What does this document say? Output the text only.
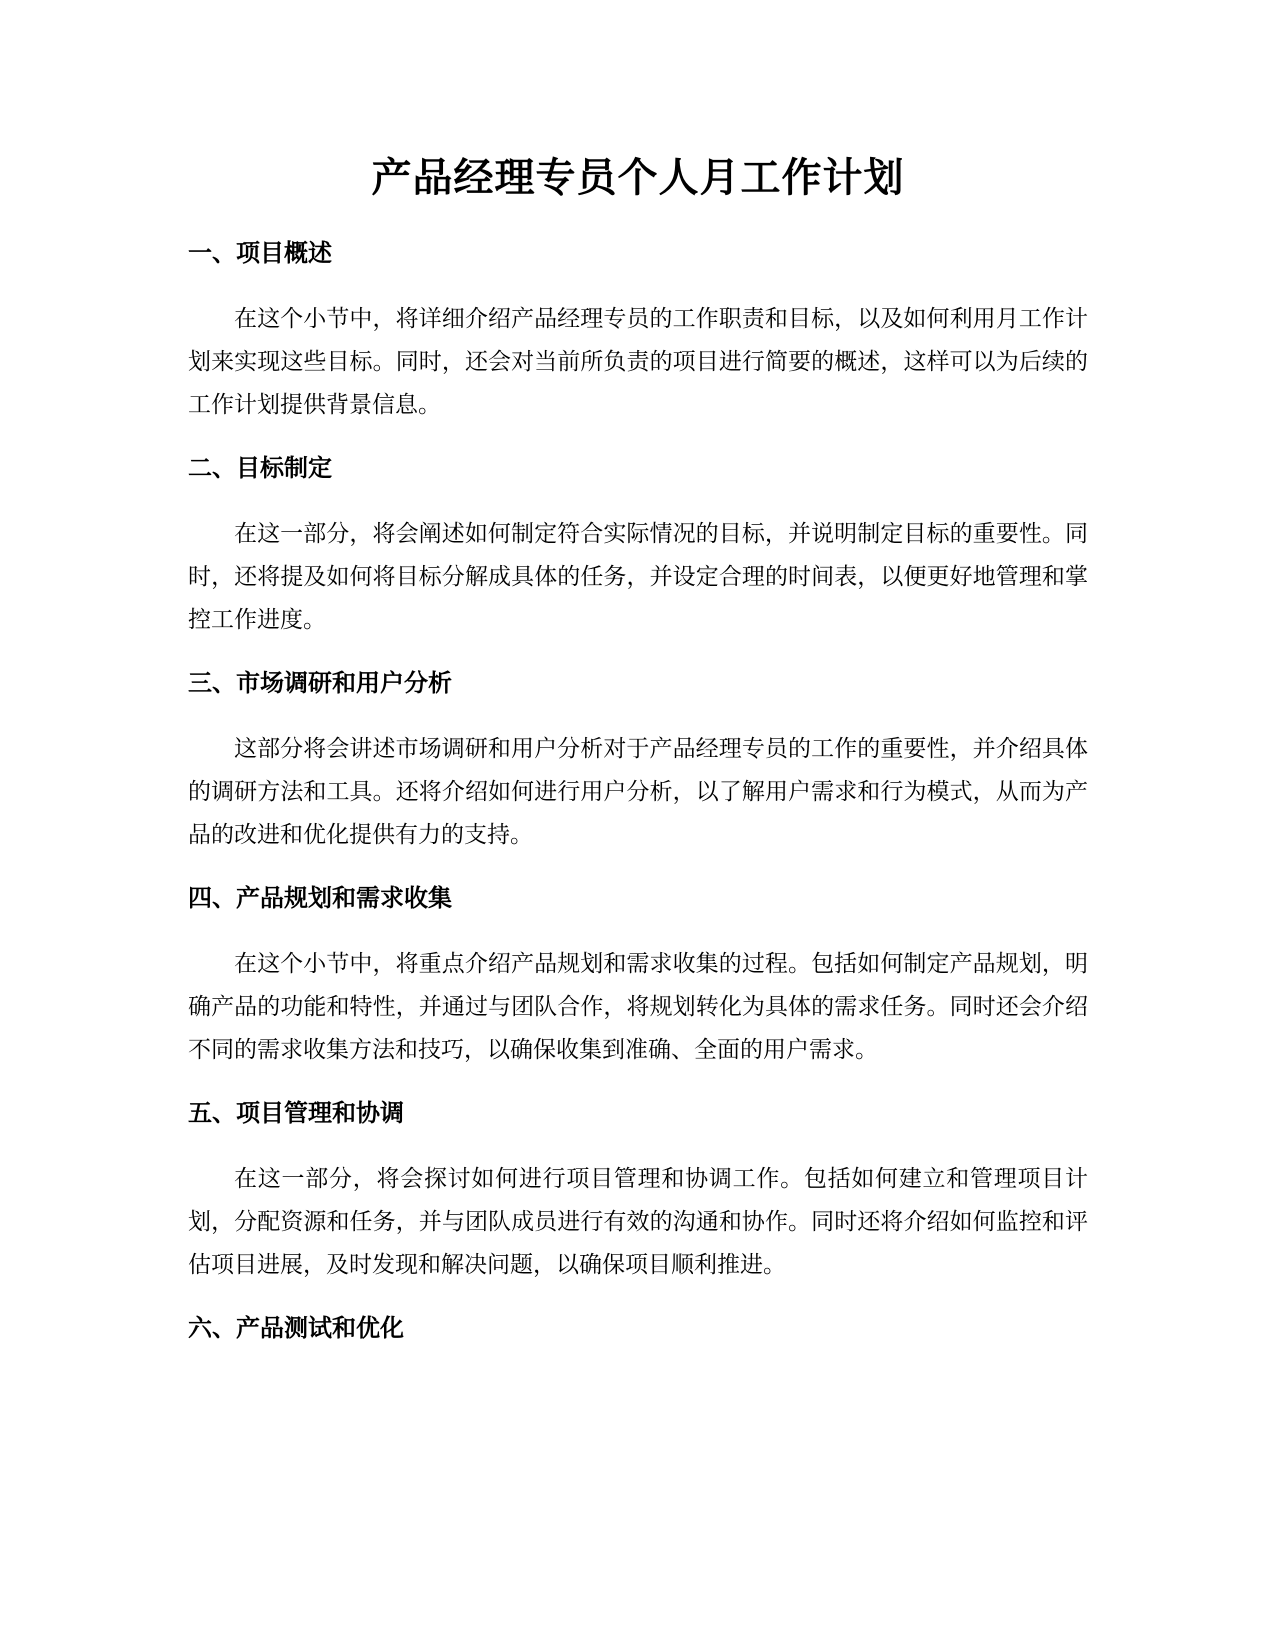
产品经理专员个人月工作计划
一、项目概述

在这个小节中，将详细介绍产品经理专员的工作职责和目标，以及如何利用月工作计划来实现这些目标。同时，还会对当前所负责的项目进行简要的概述，这样可以为后续的工作计划提供背景信息。

二、目标制定

在这一部分，将会阐述如何制定符合实际情况的目标，并说明制定目标的重要性。同时，还将提及如何将目标分解成具体的任务，并设定合理的时间表，以便更好地管理和掌控工作进度。

三、市场调研和用户分析

这部分将会讲述市场调研和用户分析对于产品经理专员的工作的重要性，并介绍具体的调研方法和工具。还将介绍如何进行用户分析，以了解用户需求和行为模式，从而为产品的改进和优化提供有力的支持。

四、产品规划和需求收集

在这个小节中，将重点介绍产品规划和需求收集的过程。包括如何制定产品规划，明确产品的功能和特性，并通过与团队合作，将规划转化为具体的需求任务。同时还会介绍不同的需求收集方法和技巧，以确保收集到准确、全面的用户需求。

五、项目管理和协调

在这一部分，将会探讨如何进行项目管理和协调工作。包括如何建立和管理项目计划，分配资源和任务，并与团队成员进行有效的沟通和协作。同时还将介绍如何监控和评估项目进展，及时发现和解决问题，以确保项目顺利推进。

六、产品测试和优化
